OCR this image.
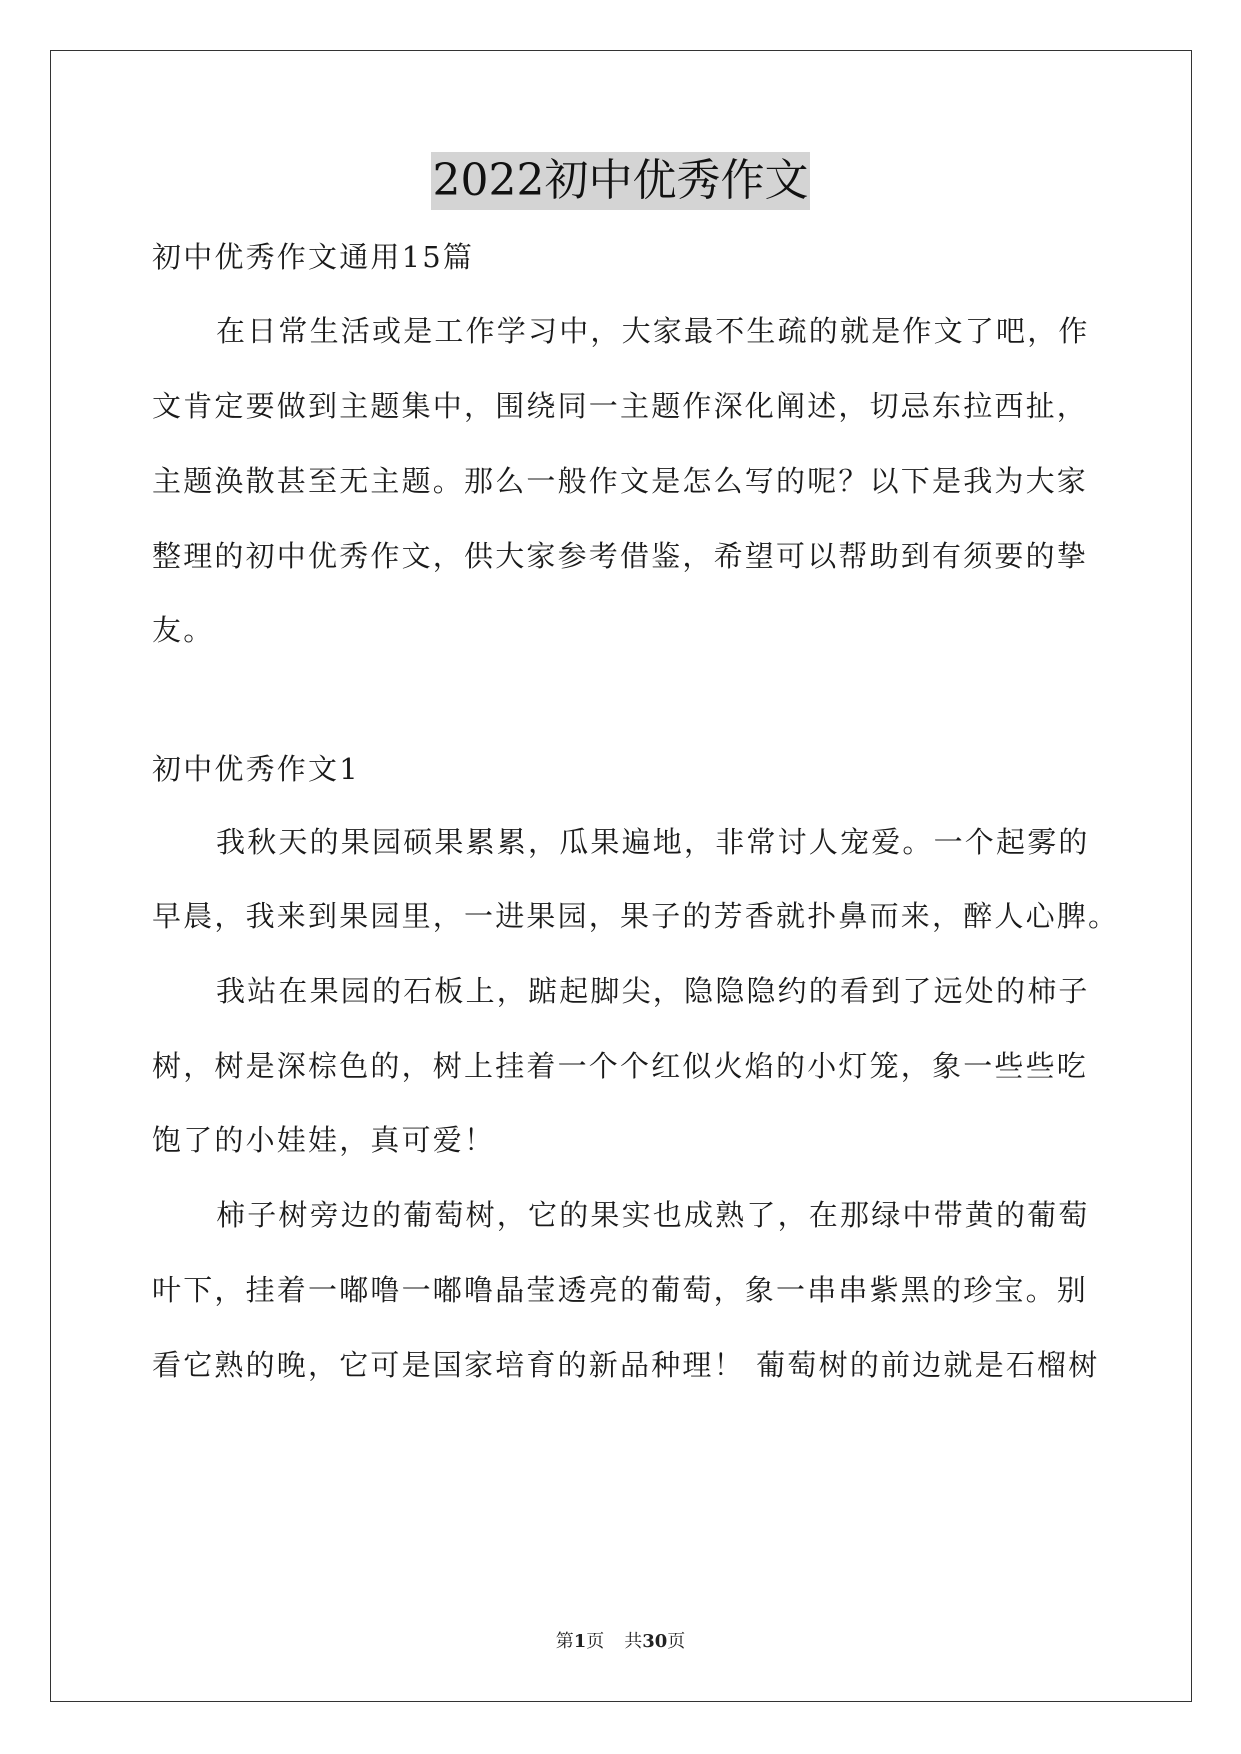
2022初中优秀作文
初中优秀作文通用15篇
在日常生活或是工作学习中，大家最不生疏的就是作文了吧，作
文肯定要做到主题集中，围绕同一主题作深化阐述，切忌东拉西扯，
主题涣散甚至无主题。那么一般作文是怎么写的呢？以下是我为大家
整理的初中优秀作文，供大家参考借鉴，希望可以帮助到有须要的挚
友。
初中优秀作文1
我秋天的果园硕果累累，瓜果遍地，非常讨人宠爱。一个起雾的
早晨，我来到果园里，一进果园，果子的芳香就扑鼻而来，醉人心脾。
我站在果园的石板上，踮起脚尖，隐隐隐约的看到了远处的柿子
树，树是深棕色的，树上挂着一个个红似火焰的小灯笼，象一些些吃
饱了的小娃娃，真可爱！
柿子树旁边的葡萄树，它的果实也成熟了，在那绿中带黄的葡萄
叶下，挂着一嘟噜一嘟噜晶莹透亮的葡萄，象一串串紫黑的珍宝。别
看它熟的晚，它可是国家培育的新品种理！ 葡萄树的前边就是石榴树
第1页 共30页
